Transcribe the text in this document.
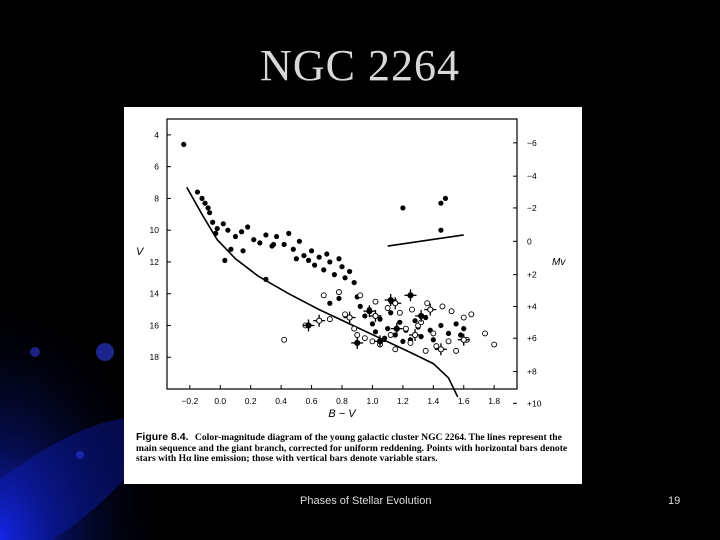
NGC 2264
−0.2 0.0 0.2 0.4 0.6 0.8 1.0 1.2 1.4 1.6 1.8
4
6
8
10
12
14
16
18
−6
−4
−2
0
+2
+4
+6
+8
+10
B − V
V
Mv
Figure 8.4. Color-magnitude diagram of the young galactic cluster NGC 2264. The lines represent the main sequence and the giant branch, corrected for uniform reddening. Points with horizontal bars denote stars with Hα line emission; those with vertical bars denote variable stars.
Phases of Stellar Evolution	19
